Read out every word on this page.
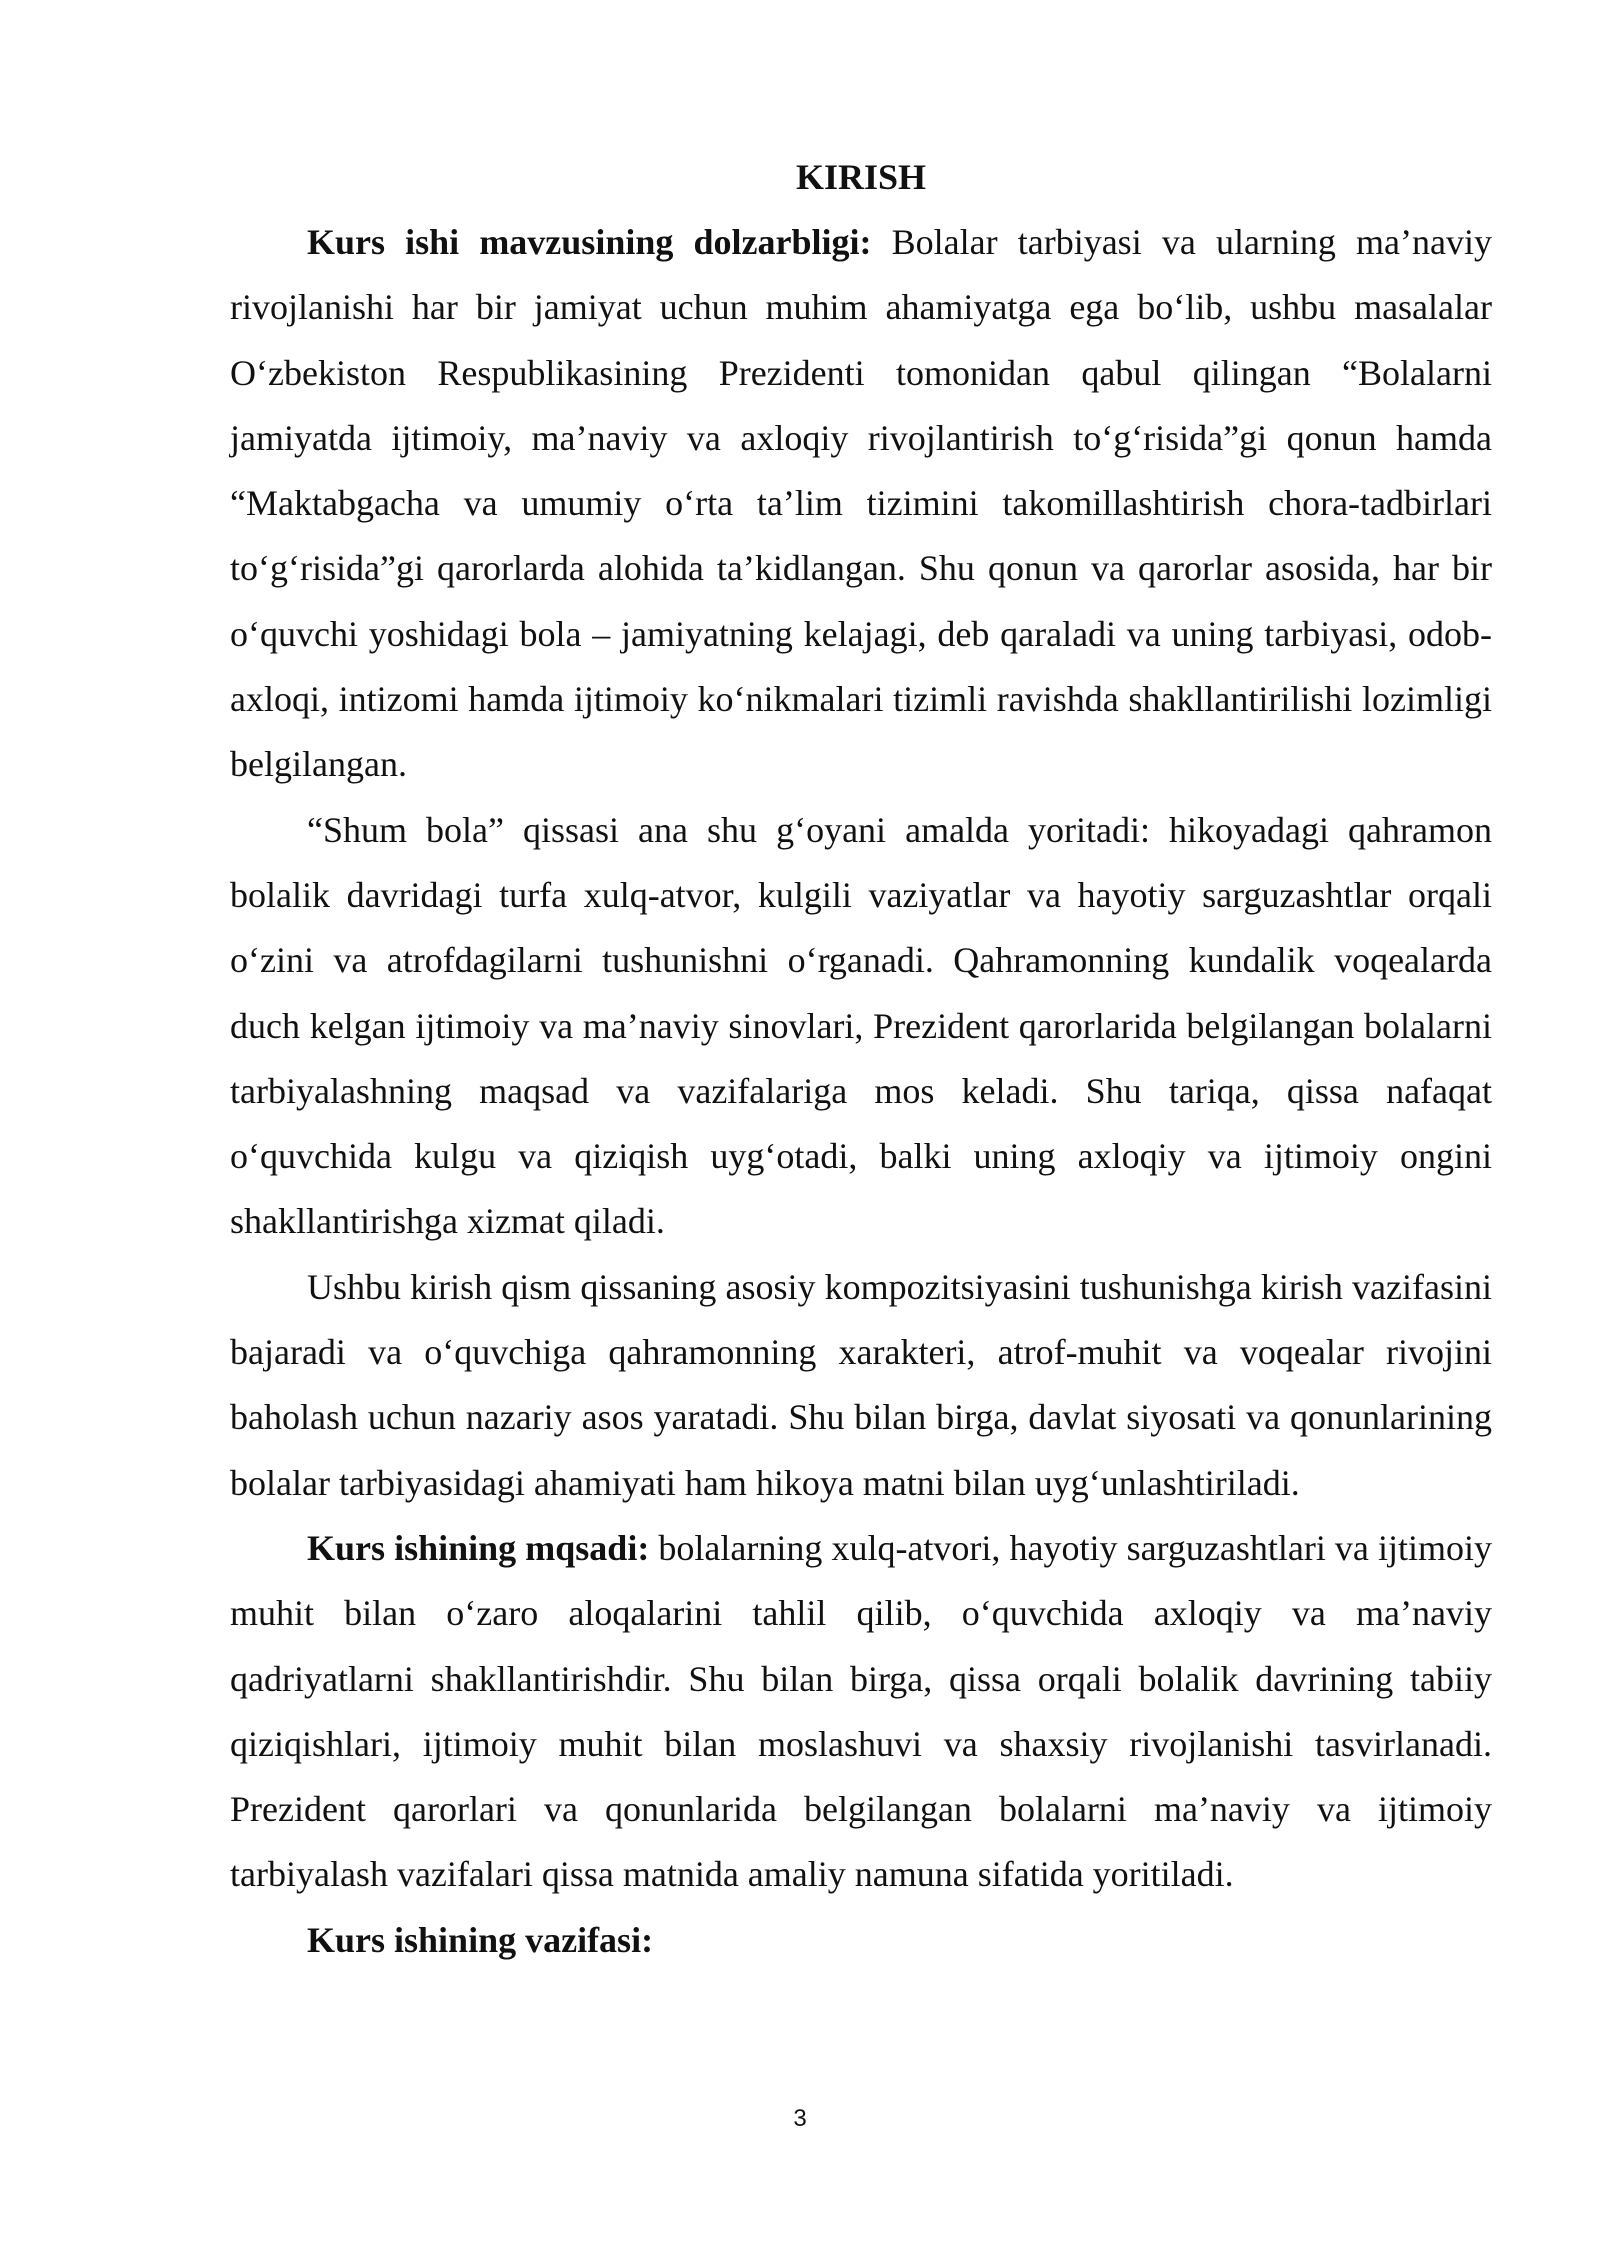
KIRISH

Kurs ishi mavzusining dolzarbligi: Bolalar tarbiyasi va ularning ma’naviy rivojlanishi har bir jamiyat uchun muhim ahamiyatga ega bo‘lib, ushbu masalalar O‘zbekiston Respublikasining Prezidenti tomonidan qabul qilingan “Bolalarni jamiyatda ijtimoiy, ma’naviy va axloqiy rivojlantirish to‘g‘risida”gi qonun hamda “Maktabgacha va umumiy o‘rta ta’lim tizimini takomillashtirish chora-tadbirlari to‘g‘risida”gi qarorlarda alohida ta’kidlangan. Shu qonun va qarorlar asosida, har bir o‘quvchi yoshidagi bola – jamiyatning kelajagi, deb qaraladi va uning tarbiyasi, odob-axloqi, intizomi hamda ijtimoiy ko‘nikmalari tizimli ravishda shakllantirilishi lozimligi belgilangan.

“Shum bola” qissasi ana shu g‘oyani amalda yoritadi: hikoyadagi qahramon bolalik davridagi turfa xulq-atvor, kulgili vaziyatlar va hayotiy sarguzashtlar orqali o‘zini va atrofdagilarni tushunishni o‘rganadi. Qahramonning kundalik voqealarda duch kelgan ijtimoiy va ma’naviy sinovlari, Prezident qarorlarida belgilangan bolalarni tarbiyalashning maqsad va vazifalariga mos keladi. Shu tariqa, qissa nafaqat o‘quvchida kulgu va qiziqish uyg‘otadi, balki uning axloqiy va ijtimoiy ongini shakllantirishga xizmat qiladi.

Ushbu kirish qism qissaning asosiy kompozitsiyasini tushunishga kirish vazifasini bajaradi va o‘quvchiga qahramonning xarakteri, atrof-muhit va voqealar rivojini baholash uchun nazariy asos yaratadi. Shu bilan birga, davlat siyosati va qonunlarining bolalar tarbiyasidagi ahamiyati ham hikoya matni bilan uyg‘unlashtiriladi.

Kurs ishining mqsadi: bolalarning xulq-atvori, hayotiy sarguzashtlari va ijtimoiy muhit bilan o‘zaro aloqalarini tahlil qilib, o‘quvchida axloqiy va ma’naviy qadriyatlarni shakllantirishdir. Shu bilan birga, qissa orqali bolalik davrining tabiiy qiziqishlari, ijtimoiy muhit bilan moslashuvi va shaxsiy rivojlanishi tasvirlanadi. Prezident qarorlari va qonunlarida belgilangan bolalarni ma’naviy va ijtimoiy tarbiyalash vazifalari qissa matnida amaliy namuna sifatida yoritiladi.

Kurs ishining vazifasi:

3
